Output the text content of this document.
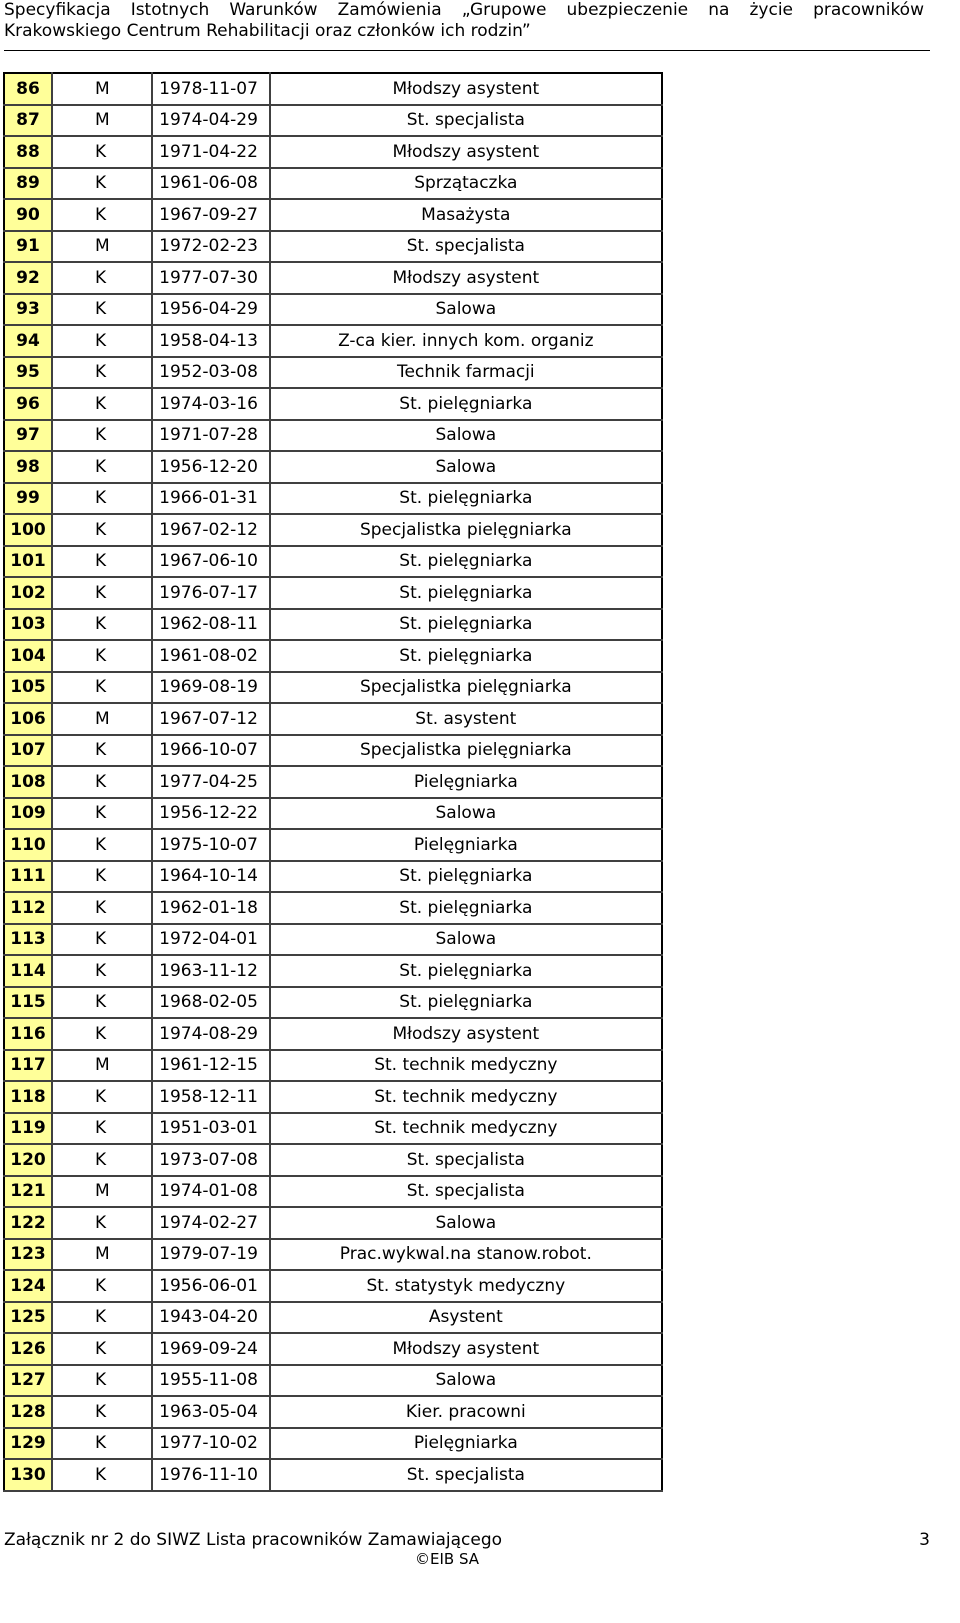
Specyfikacja Istotnych Warunków Zamówienia „Grupowe ubezpieczenie na życie pracowników
Krakowskiego Centrum Rehabilitacji oraz członków ich rodzin”
86	M	1978-11-07	Młodszy asystent
87	M	1974-04-29	St. specjalista
88	K	1971-04-22	Młodszy asystent
89	K	1961-06-08	Sprzątaczka
90	K	1967-09-27	Masażysta
91	M	1972-02-23	St. specjalista
92	K	1977-07-30	Młodszy asystent
93	K	1956-04-29	Salowa
94	K	1958-04-13	Z-ca kier. innych kom. organiz
95	K	1952-03-08	Technik farmacji
96	K	1974-03-16	St. pielęgniarka
97	K	1971-07-28	Salowa
98	K	1956-12-20	Salowa
99	K	1966-01-31	St. pielęgniarka
100	K	1967-02-12	Specjalistka pielęgniarka
101	K	1967-06-10	St. pielęgniarka
102	K	1976-07-17	St. pielęgniarka
103	K	1962-08-11	St. pielęgniarka
104	K	1961-08-02	St. pielęgniarka
105	K	1969-08-19	Specjalistka pielęgniarka
106	M	1967-07-12	St. asystent
107	K	1966-10-07	Specjalistka pielęgniarka
108	K	1977-04-25	Pielęgniarka
109	K	1956-12-22	Salowa
110	K	1975-10-07	Pielęgniarka
111	K	1964-10-14	St. pielęgniarka
112	K	1962-01-18	St. pielęgniarka
113	K	1972-04-01	Salowa
114	K	1963-11-12	St. pielęgniarka
115	K	1968-02-05	St. pielęgniarka
116	K	1974-08-29	Młodszy asystent
117	M	1961-12-15	St. technik medyczny
118	K	1958-12-11	St. technik medyczny
119	K	1951-03-01	St. technik medyczny
120	K	1973-07-08	St. specjalista
121	M	1974-01-08	St. specjalista
122	K	1974-02-27	Salowa
123	M	1979-07-19	Prac.wykwal.na stanow.robot.
124	K	1956-06-01	St. statystyk medyczny
125	K	1943-04-20	Asystent
126	K	1969-09-24	Młodszy asystent
127	K	1955-11-08	Salowa
128	K	1963-05-04	Kier. pracowni
129	K	1977-10-02	Pielęgniarka
130	K	1976-11-10	St. specjalista
Załącznik nr 2 do SIWZ Lista pracowników Zamawiającego	3
©EIB SA
